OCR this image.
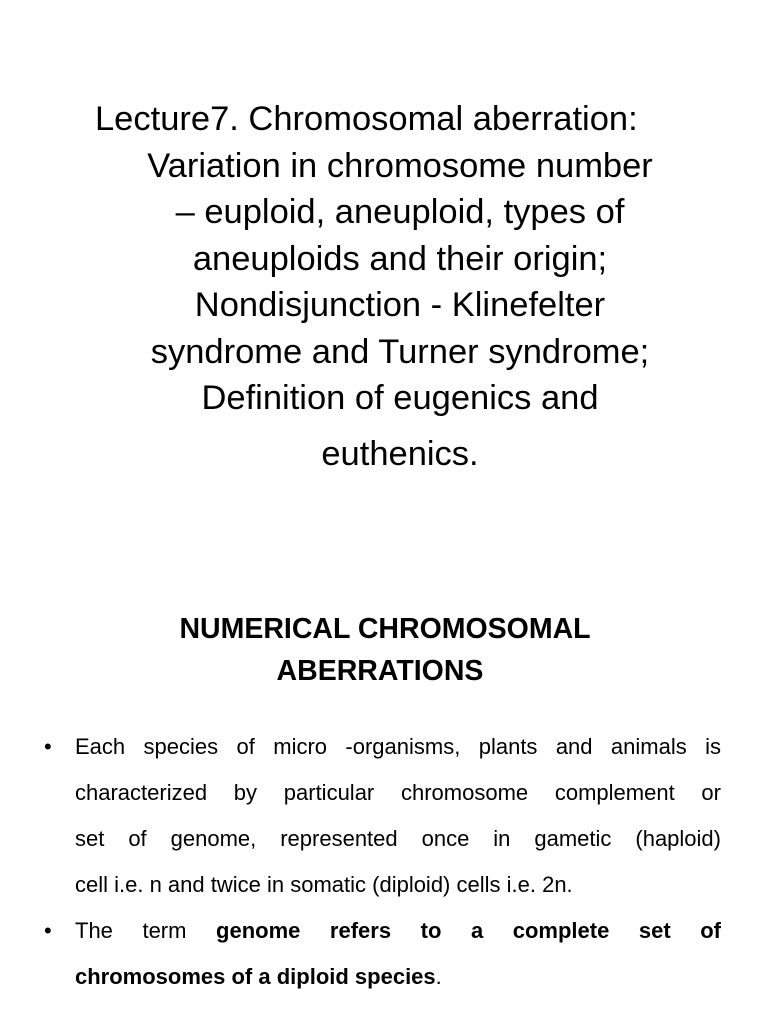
Lecture7. Chromosomal aberration:
Variation in chromosome number
– euploid, aneuploid, types of
aneuploids and their origin;
Nondisjunction - Klinefelter
syndrome and Turner syndrome;
Definition of eugenics and
euthenics.
NUMERICAL CHROMOSOMAL
ABERRATIONS
• Each species of micro -organisms, plants and animals is
characterized by particular chromosome complement or
set of genome, represented once in gametic (haploid)
cell i.e. n and twice in somatic (diploid) cells i.e. 2n.
• The term genome refers to a complete set of
chromosomes of a diploid species.
